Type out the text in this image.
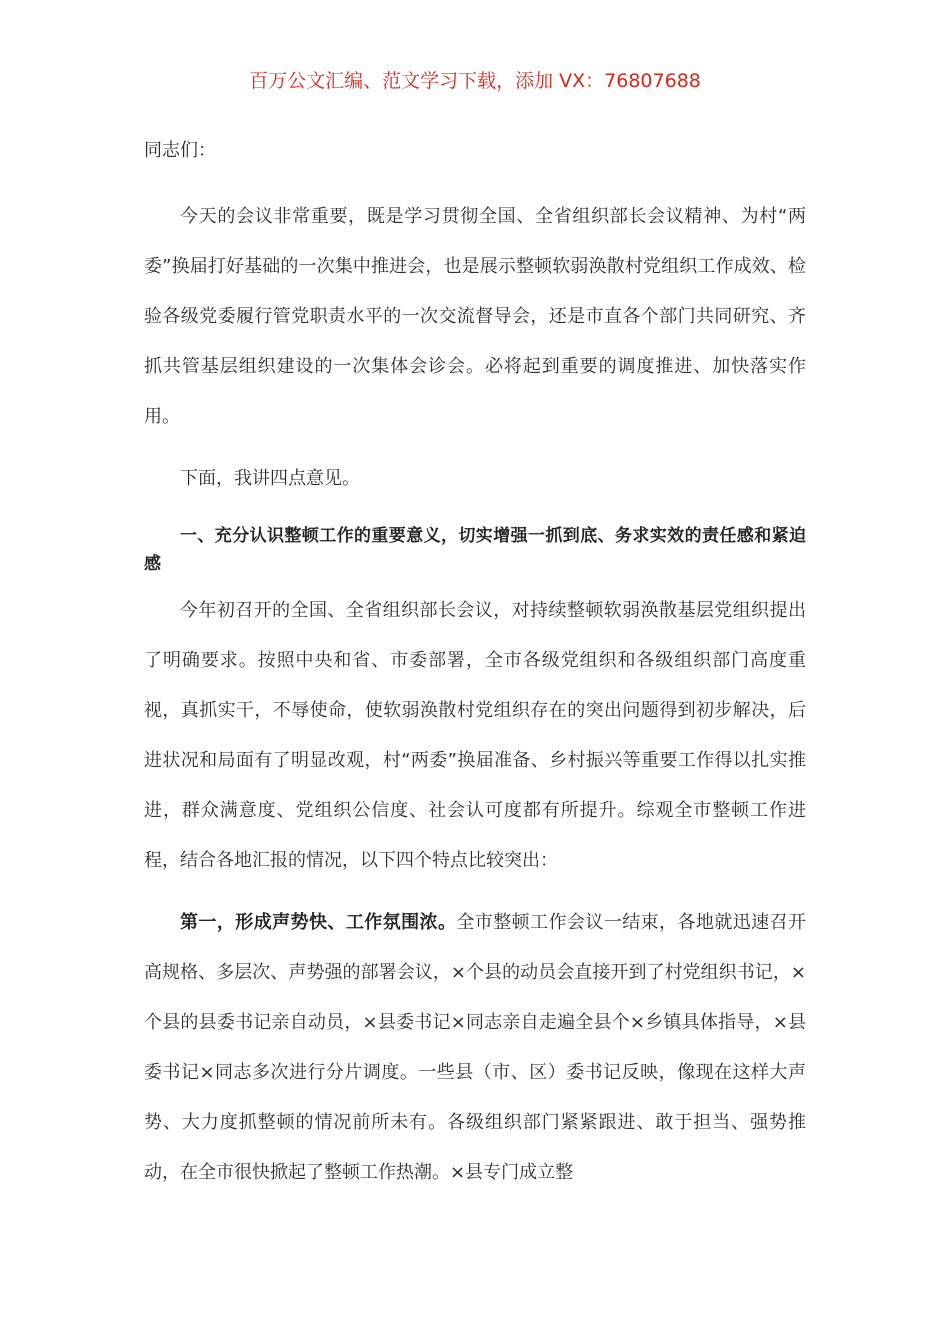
百万公文汇编、范文学习下载，添加 VX：76807688

同志们：

今天的会议非常重要，既是学习贯彻全国、全省组织部长会议精神、为村“两委”换届打好基础的一次集中推进会，也是展示整顿软弱涣散村党组织工作成效、检验各级党委履行管党职责水平的一次交流督导会，还是市直各个部门共同研究、齐抓共管基层组织建设的一次集体会诊会。必将起到重要的调度推进、加快落实作用。

下面，我讲四点意见。

一、充分认识整顿工作的重要意义，切实增强一抓到底、务求实效的责任感和紧迫感

今年初召开的全国、全省组织部长会议，对持续整顿软弱涣散基层党组织提出了明确要求。按照中央和省、市委部署，全市各级党组织和各级组织部门高度重视，真抓实干，不辱使命，使软弱涣散村党组织存在的突出问题得到初步解决，后进状况和局面有了明显改观，村“两委”换届准备、乡村振兴等重要工作得以扎实推进，群众满意度、党组织公信度、社会认可度都有所提升。综观全市整顿工作进程，结合各地汇报的情况，以下四个特点比较突出：

第一，形成声势快、工作氛围浓。全市整顿工作会议一结束，各地就迅速召开高规格、多层次、声势强的部署会议，×个县的动员会直接开到了村党组织书记，×个县的县委书记亲自动员，×县委书记×同志亲自走遍全县个×乡镇具体指导，×县委书记×同志多次进行分片调度。一些县（市、区）委书记反映，像现在这样大声势、大力度抓整顿的情况前所未有。各级组织部门紧紧跟进、敢于担当、强势推动，在全市很快掀起了整顿工作热潮。×县专门成立整
